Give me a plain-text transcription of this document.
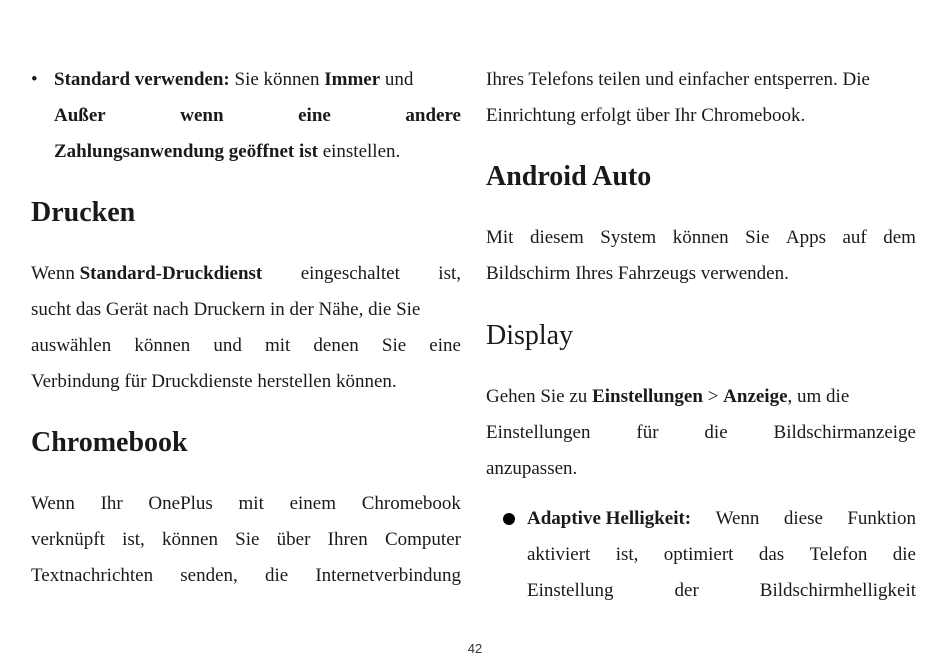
• Standard verwenden: Sie können Immer und
Außer	wenn	eine	andere
Zahlungsanwendung geöffnet ist einstellen.
Drucken
Wenn Standard-Druckdienst eingeschaltet ist,
sucht das Gerät nach Druckern in der Nähe, die Sie
auswählen können und mit denen Sie eine
Verbindung für Druckdienste herstellen können.
Chromebook
Wenn Ihr OnePlus mit einem Chromebook
verknüpft ist, können Sie über Ihren Computer
Textnachrichten senden, die Internetverbindung
Ihres Telefons teilen und einfacher entsperren. Die
Einrichtung erfolgt über Ihr Chromebook.
Android Auto
Mit diesem System können Sie Apps auf dem
Bildschirm Ihres Fahrzeugs verwenden.
Display
Gehen Sie zu Einstellungen > Anzeige, um die
Einstellungen für die Bildschirmanzeige
anzupassen.
Adaptive Helligkeit: Wenn diese Funktion
aktiviert ist, optimiert das Telefon die
Einstellung	der	Bildschirmhelligkeit
42
